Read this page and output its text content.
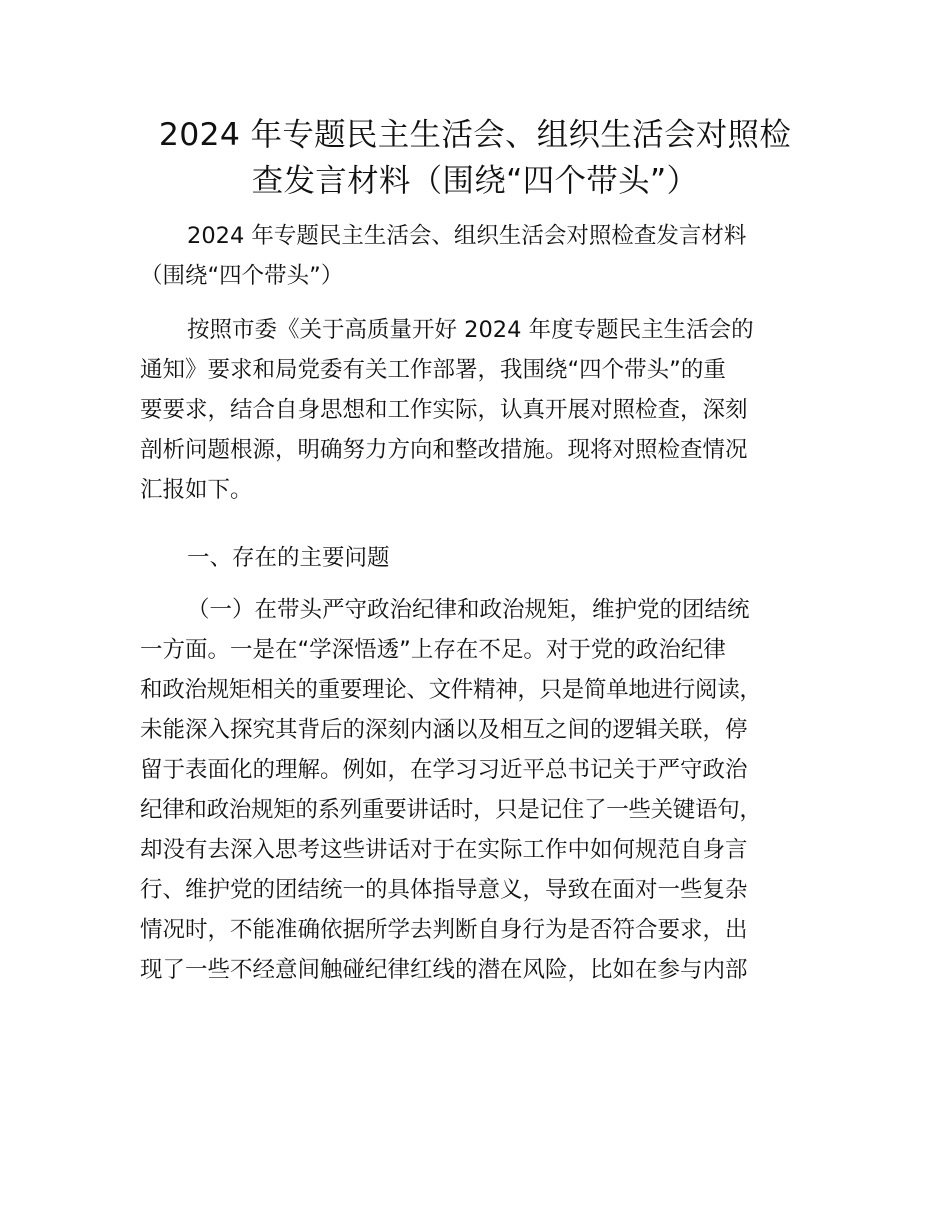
2024 年专题民主生活会、组织生活会对照检
查发言材料（围绕“四个带头”）

2024 年专题民主生活会、组织生活会对照检查发言材料
（围绕“四个带头”）

按照市委《关于高质量开好 2024 年度专题民主生活会的
通知》要求和局党委有关工作部署，我围绕“四个带头”的重
要要求，结合自身思想和工作实际，认真开展对照检查，深刻
剖析问题根源，明确努力方向和整改措施。现将对照检查情况
汇报如下。

一、存在的主要问题

（一）在带头严守政治纪律和政治规矩，维护党的团结统
一方面。一是在“学深悟透”上存在不足。对于党的政治纪律
和政治规矩相关的重要理论、文件精神，只是简单地进行阅读，
未能深入探究其背后的深刻内涵以及相互之间的逻辑关联，停
留于表面化的理解。例如，在学习习近平总书记关于严守政治
纪律和政治规矩的系列重要讲话时，只是记住了一些关键语句，
却没有去深入思考这些讲话对于在实际工作中如何规范自身言
行、维护党的团结统一的具体指导意义，导致在面对一些复杂
情况时，不能准确依据所学去判断自身行为是否符合要求，出
现了一些不经意间触碰纪律红线的潜在风险，比如在参与内部
